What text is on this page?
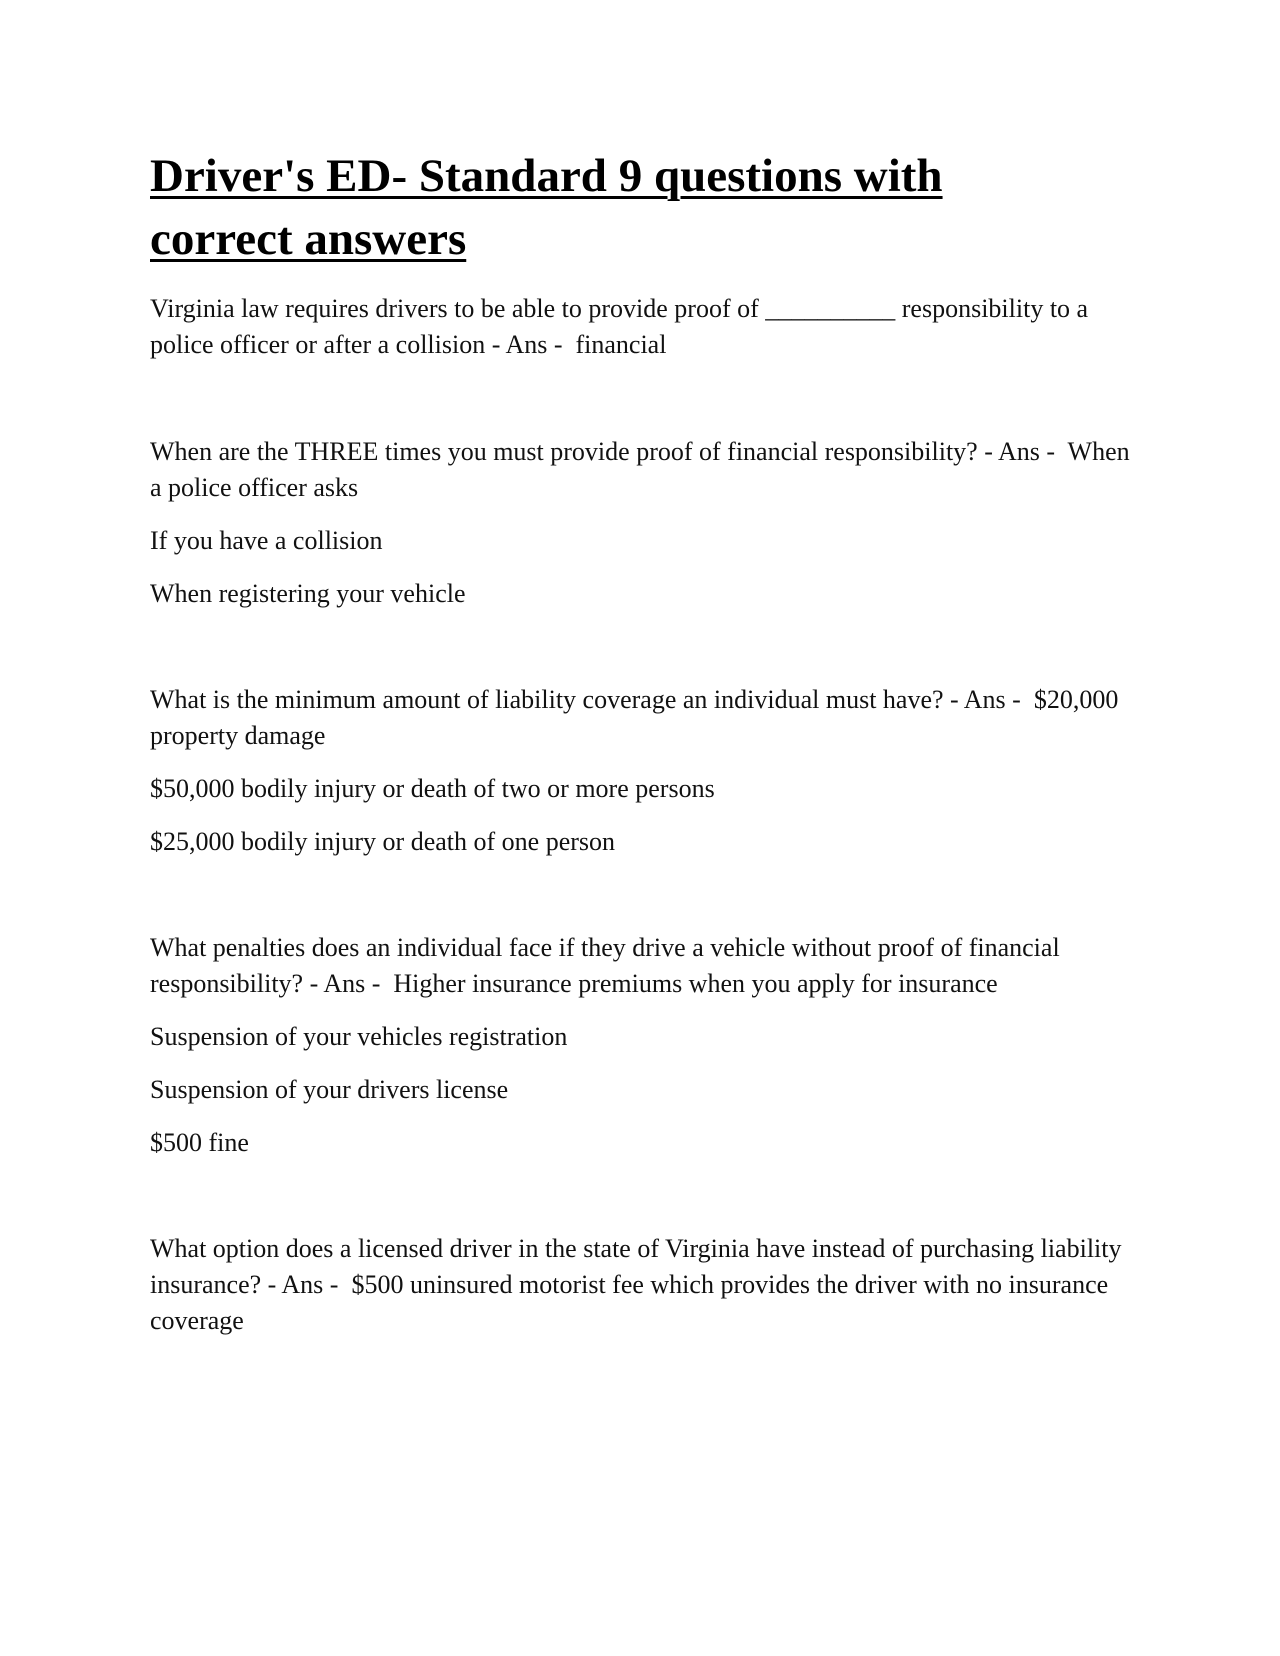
Driver's ED- Standard 9 questions with correct answers

Virginia law requires drivers to be able to provide proof of __________ responsibility to a police officer or after a collision - Ans -  financial

When are the THREE times you must provide proof of financial responsibility? - Ans -  When a police officer asks

If you have a collision

When registering your vehicle

What is the minimum amount of liability coverage an individual must have? - Ans -  $20,000 property damage

$50,000 bodily injury or death of two or more persons

$25,000 bodily injury or death of one person

What penalties does an individual face if they drive a vehicle without proof of financial responsibility? - Ans -  Higher insurance premiums when you apply for insurance

Suspension of your vehicles registration

Suspension of your drivers license

$500 fine

What option does a licensed driver in the state of Virginia have instead of purchasing liability insurance? - Ans -  $500 uninsured motorist fee which provides the driver with no insurance coverage
